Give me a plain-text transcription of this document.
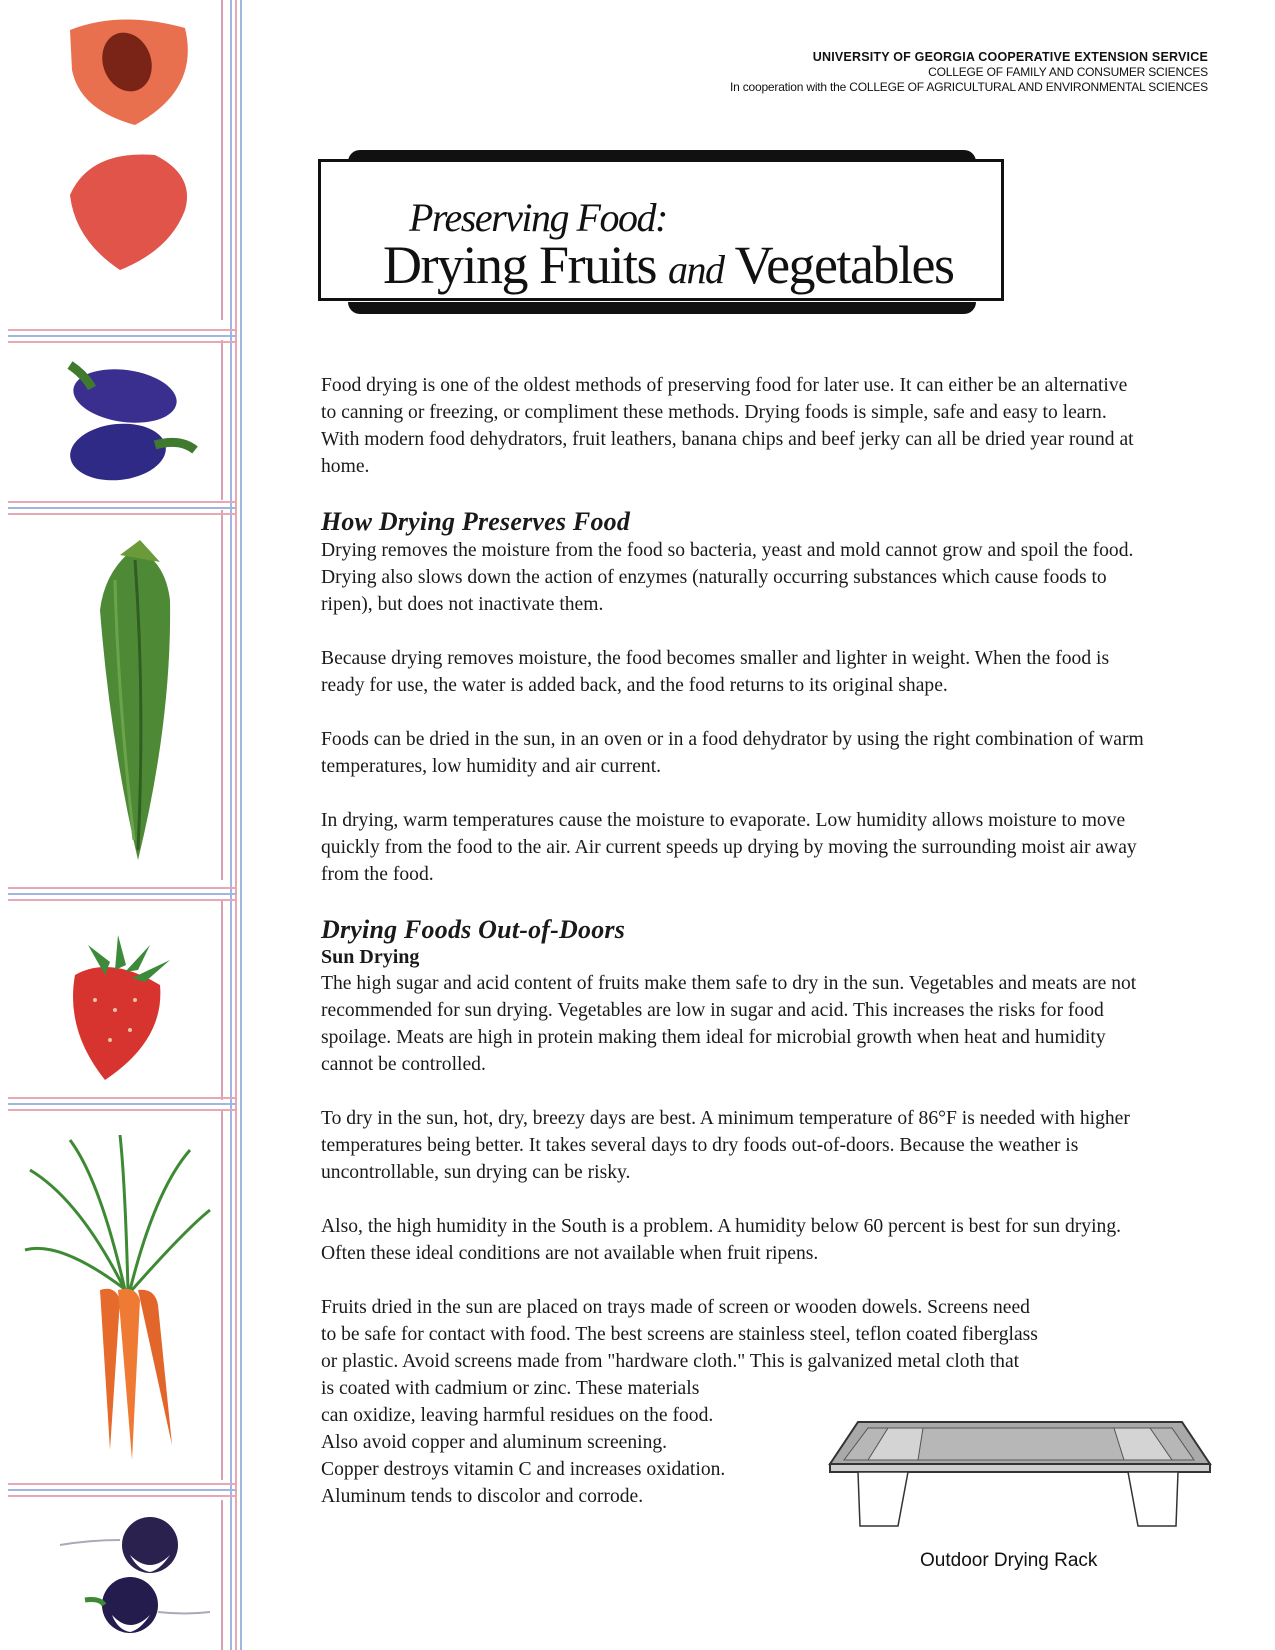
UNIVERSITY OF GEORGIA COOPERATIVE EXTENSION SERVICE
COLLEGE OF FAMILY AND CONSUMER SCIENCES
In cooperation with the COLLEGE OF AGRICULTURAL AND ENVIRONMENTAL SCIENCES
Preserving Food:
Drying Fruits and Vegetables

Food drying is one of the oldest methods of preserving food for later use. It can either be an alternative to canning or freezing, or compliment these methods. Drying foods is simple, safe and easy to learn. With modern food dehydrators, fruit leathers, banana chips and beef jerky can all be dried year round at home.

How Drying Preserves Food

Drying removes the moisture from the food so bacteria, yeast and mold cannot grow and spoil the food. Drying also slows down the action of enzymes (naturally occurring substances which cause foods to ripen), but does not inactivate them.

Because drying removes moisture, the food becomes smaller and lighter in weight. When the food is ready for use, the water is added back, and the food returns to its original shape.

Foods can be dried in the sun, in an oven or in a food dehydrator by using the right combination of warm temperatures, low humidity and air current.

In drying, warm temperatures cause the moisture to evaporate. Low humidity allows moisture to move quickly from the food to the air. Air current speeds up drying by moving the surrounding moist air away from the food.

Drying Foods Out-of-Doors
Sun Drying

The high sugar and acid content of fruits make them safe to dry in the sun. Vegetables and meats are not recommended for sun drying. Vegetables are low in sugar and acid. This increases the risks for food spoilage. Meats are high in protein making them ideal for microbial growth when heat and humidity cannot be controlled.

To dry in the sun, hot, dry, breezy days are best. A minimum temperature of 86°F is needed with higher temperatures being better. It takes several days to dry foods out-of-doors. Because the weather is uncontrollable, sun drying can be risky.

Also, the high humidity in the South is a problem. A humidity below 60 percent is best for sun drying. Often these ideal conditions are not available when fruit ripens.

Fruits dried in the sun are placed on trays made of screen or wooden dowels. Screens need

to be safe for contact with food. The best screens are stainless steel, teflon coated fiberglass

or plastic. Avoid screens made from "hardware cloth." This is galvanized metal cloth that

is coated with cadmium or zinc. These materials

can oxidize, leaving harmful residues on the food.

Also avoid copper and aluminum screening.

Copper destroys vitamin C and increases oxidation.

Aluminum tends to discolor and corrode.

Outdoor Drying Rack
